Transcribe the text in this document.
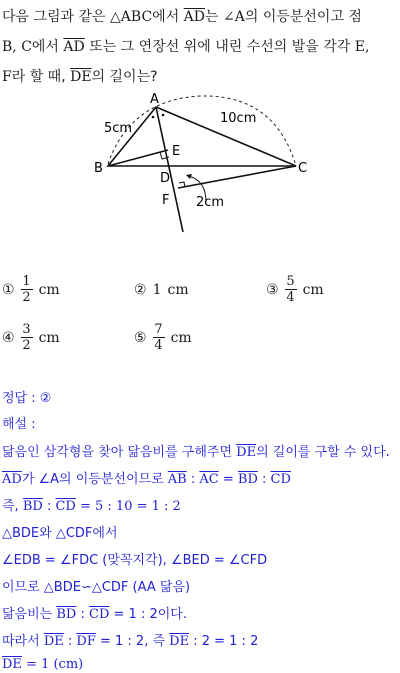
다음 그림과 같은 △ABC에서 $\overline{AD}$는 ∠A의 이등분선이고 점
B, C에서 $\overline{AD}$ 또는 그 연장선 위에 내린 수선의 발을 각각 E,
F라 할 때, $\overline{DE}$의 길이는?
A
B	C
D
E
F
5cm
10cm
2cm
① $\frac{1}{2}$ cm	② 1 cm	③ $\frac{5}{4}$ cm
④ $\frac{3}{2}$ cm	⑤ $\frac{7}{4}$ cm
정답 : ②
해설 :
닮음인 삼각형을 찾아 닮음비를 구해주면 $\overline{DE}$의 길이를 구할 수 있다.
$\overline{AD}$가 ∠A의 이등분선이므로 $\overline{AB}$ : $\overline{AC} = \overline{BD}$ : $\overline{CD}$
즉, $\overline{BD}$ : $\overline{CD} = 5$ : 10 = 1 : 2
△BDE와 △CDF에서
∠EDB = ∠FDC (맞꼭지각), ∠BED = ∠CFD
이므로 △BDE∽△CDF (AA 닮음)
닮음비는 $\overline{BD}$ : $\overline{CD} = 1$ : 2이다.
따라서 $\overline{DE}$ : $\overline{DF} = 1$ : 2, 즉 $\overline{DE}$ : 2 = 1 : 2
$\overline{DE} = 1$ (cm)
